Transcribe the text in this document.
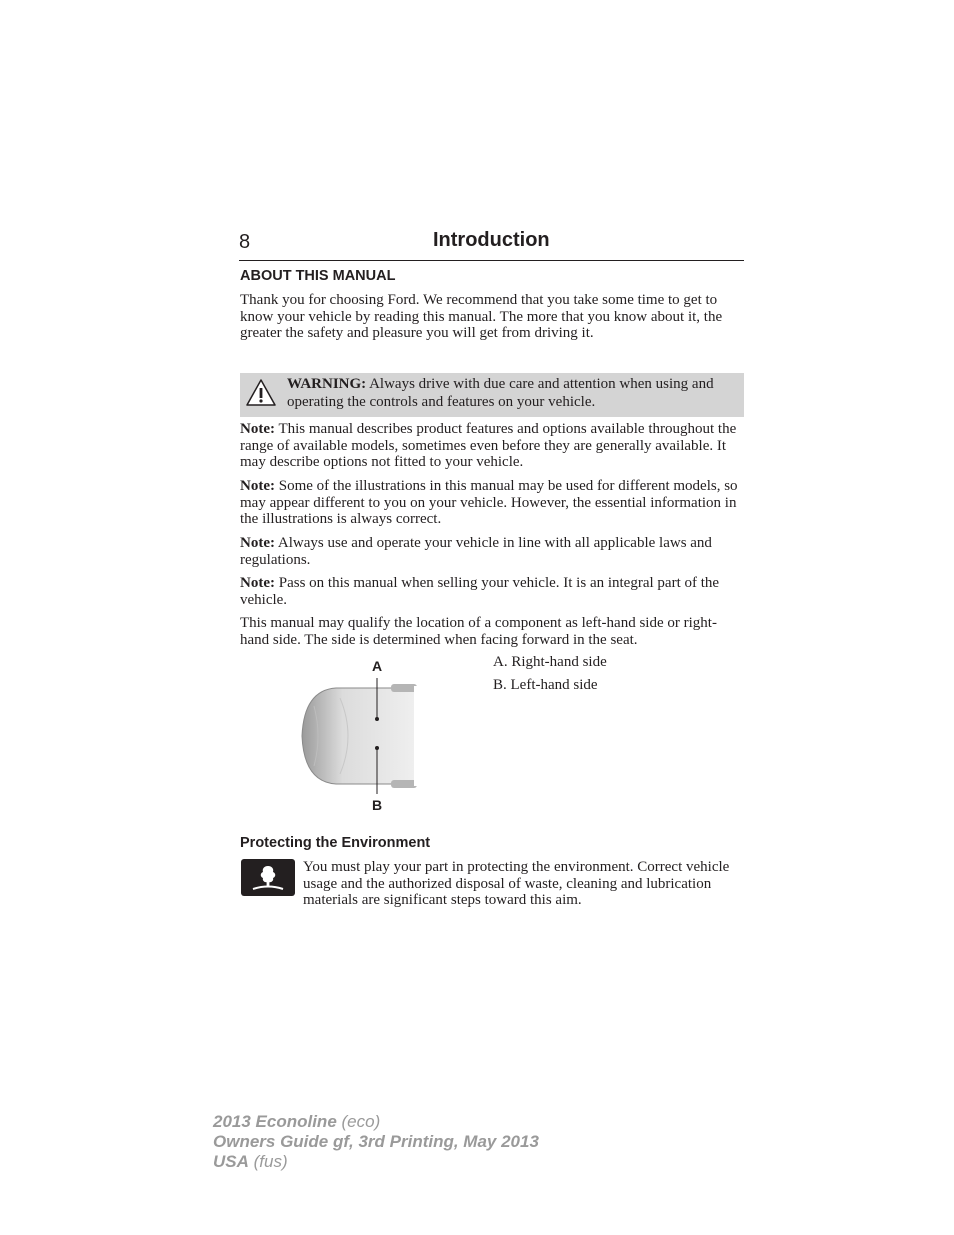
8	Introduction
ABOUT THIS MANUAL

Thank you for choosing Ford. We recommend that you take some time to get to know your vehicle by reading this manual. The more that you know about it, the greater the safety and pleasure you will get from driving it.

WARNING: Always drive with due care and attention when using and operating the controls and features on your vehicle.

Note: This manual describes product features and options available throughout the range of available models, sometimes even before they are generally available. It may describe options not fitted to your vehicle.

Note: Some of the illustrations in this manual may be used for different models, so may appear different to you on your vehicle. However, the essential information in the illustrations is always correct.

Note: Always use and operate your vehicle in line with all applicable laws and regulations.

Note: Pass on this manual when selling your vehicle. It is an integral part of the vehicle.

This manual may qualify the location of a component as left-hand side or right-hand side. The side is determined when facing forward in the seat.

A
B
A. Right-hand side
B. Left-hand side
Protecting the Environment

You must play your part in protecting the environment. Correct vehicle usage and the authorized disposal of waste, cleaning and lubrication materials are significant steps toward this aim.

2013 Econoline (eco)
Owners Guide gf, 3rd Printing, May 2013
USA (fus)
